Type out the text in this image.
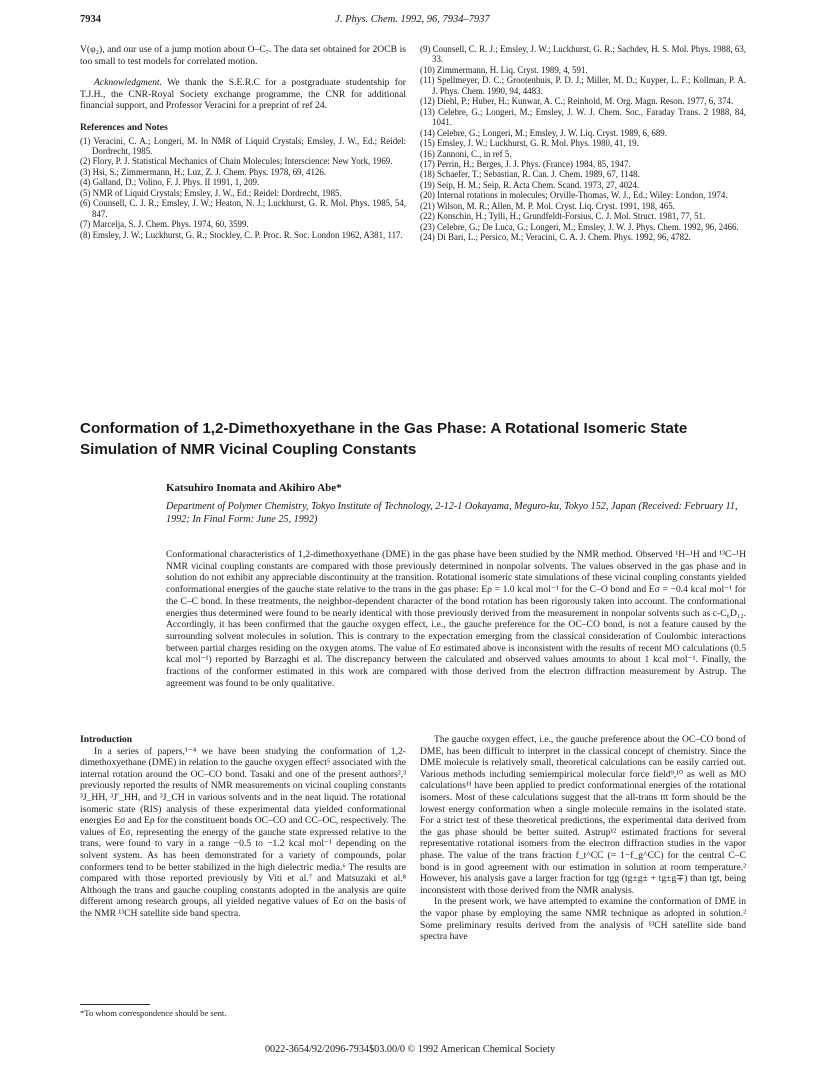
7934	J. Phys. Chem. 1992, 96, 7934–7937

V(φ₂), and our use of a jump motion about O–C₇. The data set obtained for 2OCB is too small to test models for correlated motion.

Acknowledgment. We thank the S.E.R.C for a postgraduate studentship for T.J.H., the CNR-Royal Society exchange programme, the CNR for additional financial support, and Professor Veracini for a preprint of ref 24.

References and Notes

(1) Veracini, C. A.; Longeri, M. In NMR of Liquid Crystals; Emsley, J. W., Ed.; Reidel: Dordrecht, 1985.

(2) Flory, P. J. Statistical Mechanics of Chain Molecules; Interscience: New York, 1969.

(3) Hsi, S.; Zimmermann, H.; Luz, Z. J. Chem. Phys. 1978, 69, 4126.

(4) Galland, D.; Volino, F. J. Phys. II 1991, 1, 209.

(5) NMR of Liquid Crystals; Emsley, J. W., Ed.; Reidel: Dordrecht, 1985.

(6) Counsell, C. J. R.; Emsley, J. W.; Heaton, N. J.; Luckhurst, G. R. Mol. Phys. 1985, 54, 847.

(7) Marcelja, S. J. Chem. Phys. 1974, 60, 3599.

(8) Emsley, J. W.; Luckhurst, G. R.; Stockley, C. P. Proc. R. Soc. London 1962, A381, 117.

(9) Counsell, C. R. J.; Emsley, J. W.; Luckhurst, G. R.; Sachdev, H. S. Mol. Phys. 1988, 63, 33.

(10) Zimmermann, H. Liq. Cryst. 1989, 4, 591.

(11) Spellmeyer, D. C.; Grootenhuis, P. D. J.; Miller, M. D.; Kuyper, L. F.; Kollman, P. A. J. Phys. Chem. 1990, 94, 4483.

(12) Diehl, P.; Huber, H.; Kunwar, A. C.; Reinhold, M. Org. Magn. Reson. 1977, 6, 374.

(13) Celebre, G.; Longeri, M.; Emsley, J. W. J. Chem. Soc., Faraday Trans. 2 1988, 84, 1041.

(14) Celebre, G.; Longeri, M.; Emsley, J. W. Liq. Cryst. 1989, 6, 689.

(15) Emsley, J. W.; Luckhurst, G. R. Mol. Phys. 1980, 41, 19.

(16) Zannoni, C., in ref 5.

(17) Perrin, H.; Berges, J. J. Phys. (France) 1984, 85, 1947.

(18) Schaefer, T.; Sebastian, R. Can. J. Chem. 1989, 67, 1148.

(19) Seip, H. M.; Seip, R. Acta Chem. Scand. 1973, 27, 4024.

(20) Internal rotations in molecules; Orville-Thomas, W. J., Ed.; Wiley: London, 1974.

(21) Wilson, M. R.; Allen, M. P. Mol. Cryst. Liq. Cryst. 1991, 198, 465.

(22) Konschin, H.; Tylli, H.; Grundfeldt-Forsius, C. J. Mol. Struct. 1981, 77, 51.

(23) Celebre, G.; De Luca, G.; Longeri, M.; Emsley, J. W. J. Phys. Chem. 1992, 96, 2466.

(24) Di Bari, L.; Persico, M.; Veracini, C. A. J. Chem. Phys. 1992, 96, 4782.

Conformation of 1,2-Dimethoxyethane in the Gas Phase: A Rotational Isomeric State Simulation of NMR Vicinal Coupling Constants
Katsuhiro Inomata and Akihiro Abe*
Department of Polymer Chemistry, Tokyo Institute of Technology, 2-12-1 Ookayama, Meguro-ku, Tokyo 152, Japan (Received: February 11, 1992; In Final Form: June 25, 1992)
Conformational characteristics of 1,2-dimethoxyethane (DME) in the gas phase have been studied by the NMR method. Observed ¹H–¹H and ¹³C–¹H NMR vicinal coupling constants are compared with those previously determined in nonpolar solvents. The values observed in the gas phase and in solution do not exhibit any appreciable discontinuity at the transition. Rotational isomeric state simulations of these vicinal coupling constants yielded conformational energies of the gauche state relative to the trans in the gas phase: Eρ = 1.0 kcal mol⁻¹ for the C–O bond and Eσ = −0.4 kcal mol⁻¹ for the C–C bond. In these treatments, the neighbor-dependent character of the bond rotation has been rigorously taken into account. The conformational energies thus determined were found to be nearly identical with those previously derived from the measurement in nonpolar solvents such as c-C₆D₁₂. Accordingly, it has been confirmed that the gauche oxygen effect, i.e., the gauche preference for the OC–CO bond, is not a feature caused by the surrounding solvent molecules in solution. This is contrary to the expectation emerging from the classical consideration of Coulombic interactions between partial charges residing on the oxygen atoms. The value of Eσ estimated above is inconsistent with the results of recent MO calculations (0.5 kcal mol⁻¹) reported by Barzaghi et al. The discrepancy between the calculated and observed values amounts to about 1 kcal mol⁻¹. Finally, the fractions of the conformer estimated in this work are compared with those derived from the electron diffraction measurement by Astrup. The agreement was found to be only qualitative.

Introduction

In a series of papers,¹⁻⁴ we have been studying the conformation of 1,2-dimethoxyethane (DME) in relation to the gauche oxygen effect⁵ associated with the internal rotation around the OC–CO bond. Tasaki and one of the present authors²,³ previously reported the results of NMR measurements on vicinal coupling constants ³J_HH, ³J′_HH, and ³J_CH in various solvents and in the neat liquid. The rotational isomeric state (RIS) analysis of these experimental data yielded conformational energies Eσ and Eρ for the constituent bonds OC–CO and CC–OC, respectively. The values of Eσ, representing the energy of the gauche state expressed relative to the trans, were found to vary in a range −0.5 to −1.2 kcal mol⁻¹ depending on the solvent system. As has been demonstrated for a variety of compounds, polar conformers tend to be better stabilized in the high dielectric media.⁶ The results are compared with those reported previously by Viti et al.⁷ and Matsuzaki et al.⁸ Although the trans and gauche coupling constants adopted in the analysis are quite different among research groups, all yielded negative values of Eσ on the basis of the NMR ¹³CH satellite side band spectra.

The gauche oxygen effect, i.e., the gauche preference about the OC–CO bond of DME, has been difficult to interpret in the classical concept of chemistry. Since the DME molecule is relatively small, theoretical calculations can be easily carried out. Various methods including semiempirical molecular force field⁹,¹⁰ as well as MO calculations¹¹ have been applied to predict conformational energies of the rotational isomers. Most of these calculations suggest that the all-trans ttt form should be the lowest energy conformation when a single molecule remains in the isolated state. For a strict test of these theoretical predictions, the experimental data derived from the gas phase should be better suited. Astrup¹² estimated fractions for several representative rotational isomers from the electron diffraction studies in the vapor phase. The value of the trans fraction f_t^CC (= 1−f_g^CC) for the central C–C bond is in good agreement with our estimation in solution at room temperature.² However, his analysis gave a larger fraction for tgg (tg±g± + tg±g∓) than tgt, being inconsistent with those derived from the NMR analysis.

In the present work, we have attempted to examine the conformation of DME in the vapor phase by employing the same NMR technique as adopted in solution.² Some preliminary results derived from the analysis of ¹³CH satellite side band spectra have

*To whom correspondence should be sent.
0022-3654/92/2096-7934$03.00/0 © 1992 American Chemical Society
